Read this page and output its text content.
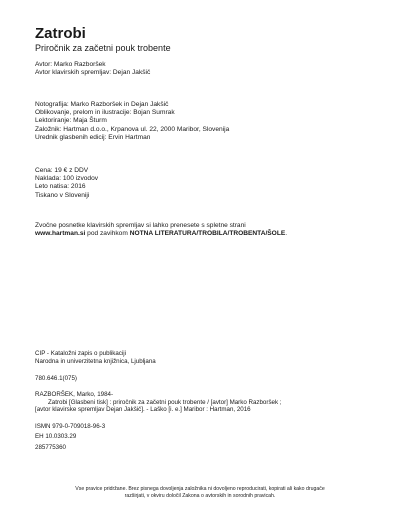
Zatrobi
Priročnik za začetni pouk trobente
Avtor: Marko Razboršek
Avtor klavirskih spremljav: Dejan Jakšič
Notografija: Marko Razboršek in Dejan Jakšič
Oblikovanje, prelom in ilustracije: Bojan Sumrak
Lektoriranje: Maja Šturm
Založnik: Hartman d.o.o., Krpanova ul. 22, 2000 Maribor, Slovenija
Urednik glasbenih edicij: Ervin Hartman
Cena: 19 € z DDV
Naklada: 100 izvodov
Leto natisa: 2016
Tiskano v Sloveniji
Zvočne posnetke klavirskih spremljav si lahko prenesete s spletne strani
www.hartman.si pod zavihkom NOTNA LITERATURA/TROBILA/TROBENTA/ŠOLE.
CIP - Kataložni zapis o publikaciji
Narodna in univerzitetna knjižnica, Ljubljana
780.646.1(075)
RAZBORŠEK, Marko, 1984-
Zatrobi [Glasbeni tisk] : priročnik za začetni pouk trobente / [avtor] Marko Razboršek ;
[avtor klavirske spremljav Dejan Jakšič]. - Laško [i. e.] Maribor : Hartman, 2016
ISMN 979-0-709018-96-3
EH 10.0303.29
285775360
Vse pravice pridržane. Brez pisnega dovoljenja založnika ni dovoljeno reproducirati, kopirati ali kako drugače
razširjati, v okviru določil Zakona o avtorskih in sorodnih pravicah.
